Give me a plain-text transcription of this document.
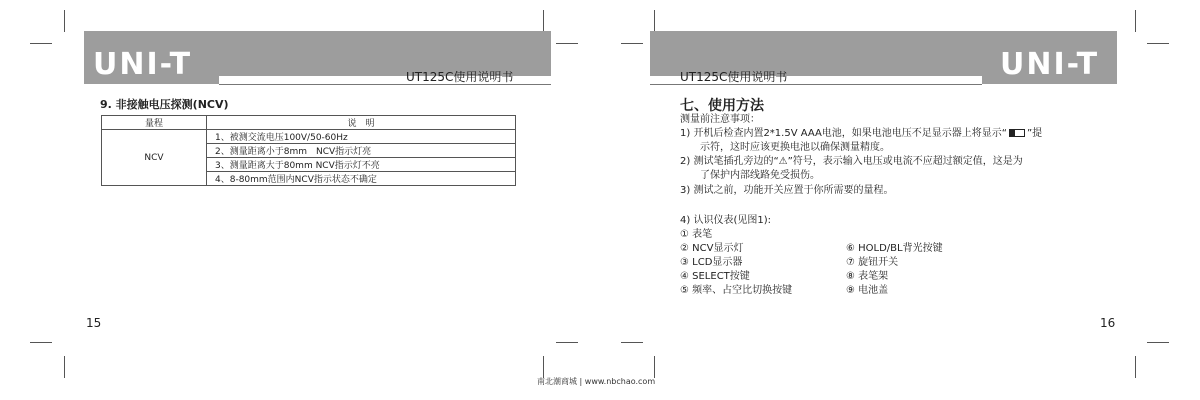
UNI-T	UT125C使用说明书
9. 非接触电压探测(NCV)
量程	说　明
NCV	1、被测交流电压100V/50-60Hz
	2、测量距离小于8mm　NCV指示灯亮
	3、测量距离大于80mm NCV指示灯不亮
	4、8-80mm范围内NCV指示状态不确定
15
UNI-T
UT125C使用说明书
七、使用方法
测量前注意事项：
1) 开机后检查内置2*1.5V AAA电池，如果电池电压不足显示器上将显示“ ”提
示符，这时应该更换电池以确保测量精度。
2) 测试笔插孔旁边的“⚠”符号，表示输入电压或电流不应超过额定值，这是为
了保护内部线路免受损伤。
3) 测试之前，功能开关应置于你所需要的量程。
4) 认识仪表(见图1):
① 表笔
② NCV显示灯
③ LCD显示器
④ SELECT按键
⑤ 频率、占空比切换按键
⑥ HOLD/BL背光按键
⑦ 旋钮开关
⑧ 表笔架
⑨ 电池盖
16
南北潮商城 | www.nbchao.com
